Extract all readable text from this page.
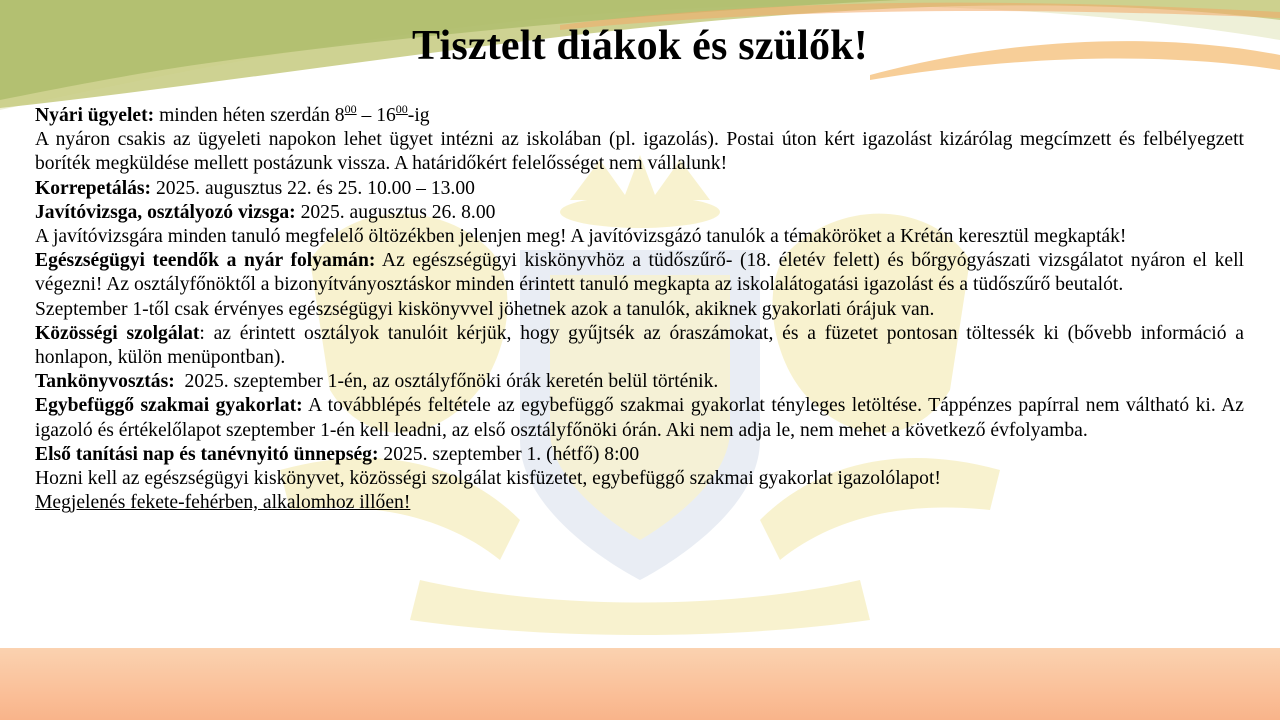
Tisztelt diákok és szülők!

Nyári ügyelet: minden héten szerdán $8^{00} - 16^{00}-ig$

A nyáron csakis az ügyeleti napokon lehet ügyet intézni az iskolában (pl. igazolás). Postai úton kért igazolást kizárólag megcímzett és felbélyegzett boríték megküldése mellett postázunk vissza. A határidőkért felelősséget nem vállalunk!

Korrepetálás: 2025. augusztus 22. és 25. 10.00 – 13.00

Javítóvizsga, osztályozó vizsga: 2025. augusztus 26. 8.00

A javítóvizsgára minden tanuló megfelelő öltözékben jelenjen meg! A javítóvizsgázó tanulók a témaköröket a Krétán keresztül megkapták!

Egészségügyi teendők a nyár folyamán: Az egészségügyi kiskönyvhöz a tüdőszűrő- (18. életév felett) és bőrgyógyászati vizsgálatot nyáron el kell végezni! Az osztályfőnöktől a bizonyítványosztáskor minden érintett tanuló megkapta az iskolalátogatási igazolást és a tüdőszűrő beutalót.

Szeptember 1-től csak érvényes egészségügyi kiskönyvvel jöhetnek azok a tanulók, akiknek gyakorlati órájuk van.

Közösségi szolgálat: az érintett osztályok tanulóit kérjük, hogy gyűjtsék az óraszámokat, és a füzetet pontosan töltessék ki (bővebb információ a honlapon, külön menüpontban).

Tankönyvosztás:  2025. szeptember 1-én, az osztályfőnöki órák keretén belül történik.

Egybefüggő szakmai gyakorlat: A továbblépés feltétele az egybefüggő szakmai gyakorlat tényleges letöltése. Táppénzes papírral nem váltható ki. Az igazoló és értékelőlapot szeptember 1-én kell leadni, az első osztályfőnöki órán. Aki nem adja le, nem mehet a következő évfolyamba.

Első tanítási nap és tanévnyitó ünnepség: 2025. szeptember 1. (hétfő) 8:00

Hozni kell az egészségügyi kiskönyvet, közösségi szolgálat kisfüzetet, egybefüggő szakmai gyakorlat igazolólapot!

Megjelenés fekete-fehérben, alkalomhoz illően!
